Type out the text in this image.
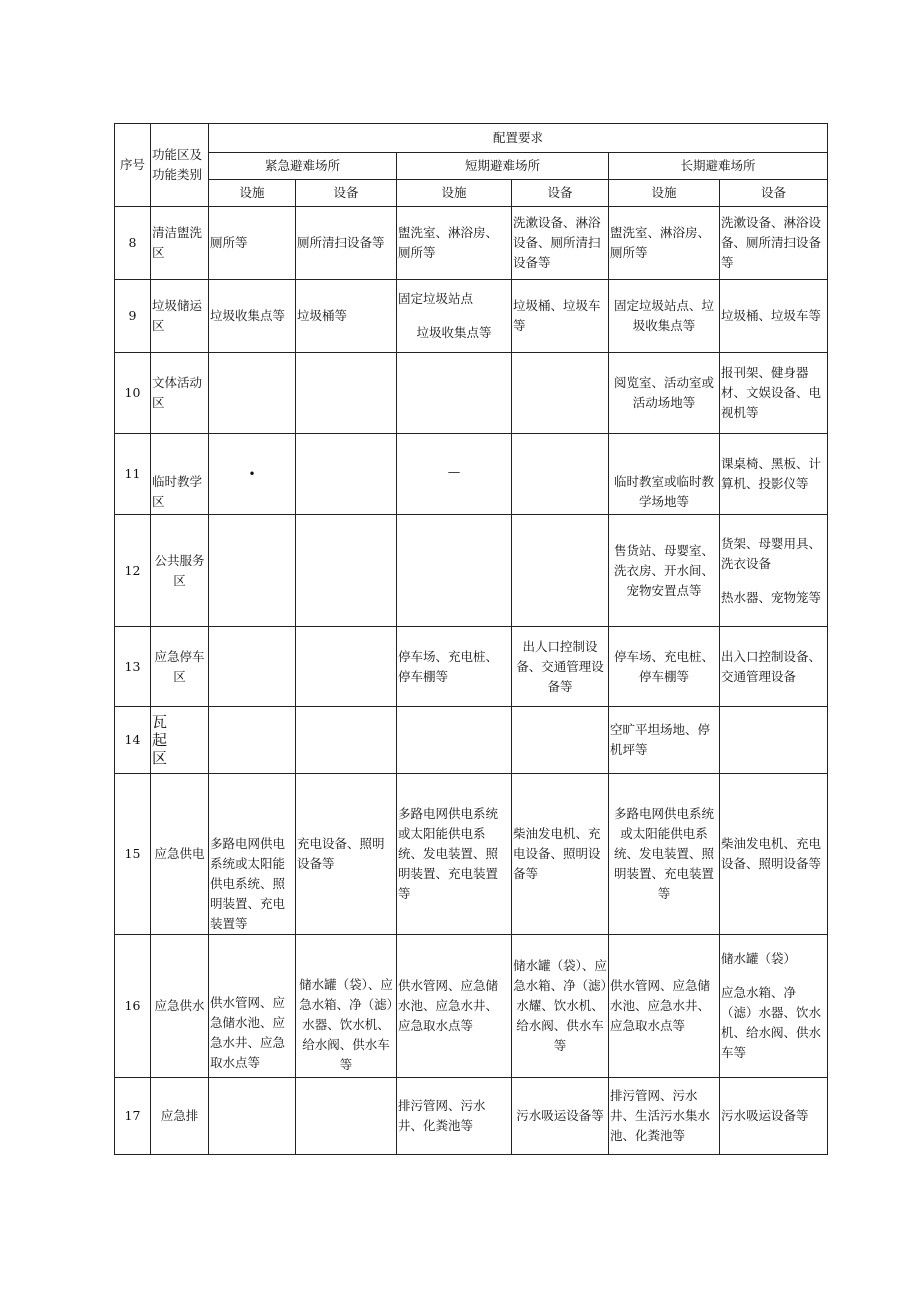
序号	功能区及功能类别	配置要求					
		紧急避难场所		短期避难场所		长期避难场所	
		设施	设备	设施	设备	设施	设备
8	清洁盥洗区	厕所等	厕所清扫设备等	盥洗室、淋浴房、厕所等	洗漱设备、淋浴设备、厕所清扫设备等	盥洗室、淋浴房、厕所等	洗漱设备、淋浴设备、厕所清扫设备等
9	垃圾储运区	垃圾收集点等	垃圾桶等	固定垃圾站点
垃圾收集点等	垃圾桶、垃圾车等	固定垃圾站点、垃圾收集点等	垃圾桶、垃圾车等
10	文体活动区					阅览室、活动室或活动场地等	报刊架、健身器材、文娱设备、电视机等
11	临时教学区	•		—		临时教室或临时教学场地等	课桌椅、黑板、计算机、投影仪等
12	公共服务区					售货站、母婴室、洗衣房、开水间、宠物安置点等	货架、母婴用具、洗衣设备
热水器、宠物笼等
13	应急停车区			停车场、充电桩、停车棚等	出人口控制设备、交通管理设备等	停车场、充电桩、停车棚等	出入口控制设备、交通管理设备
14	瓦起区					空旷平坦场地、停机坪等	
15	应急供电	多路电网供电系统或太阳能供电系统、照明装置、充电装置等	充电设备、照明设备等	多路电网供电系统或太阳能供电系统、发电装置、照明装置、充电装置等	柴油发电机、充电设备、照明设备等	多路电网供电系统或太阳能供电系统、发电装置、照明装置、充电装置等	柴油发电机、充电设备、照明设备等
16	应急供水	供水管网、应急储水池、应急水井、应急取水点等	储水罐（袋）、应急水箱、净（滤）水器、饮水机、给水阀、供水车等	供水管网、应急储水池、应急水井、应急取水点等	储水罐（袋）、应急水箱、净（滤）水耀、饮水机、给水阀、供水车等	供水管网、应急储水池、应急水井、应急取水点等	储水罐（袋）
应急水箱、净（滤）水器、饮水机、给水阀、供水车等
17	应急排			排污管网、污水井、化粪池等	污水吸运设备等	排污管网、污水井、生活污水集水池、化粪池等	污水吸运设备等
